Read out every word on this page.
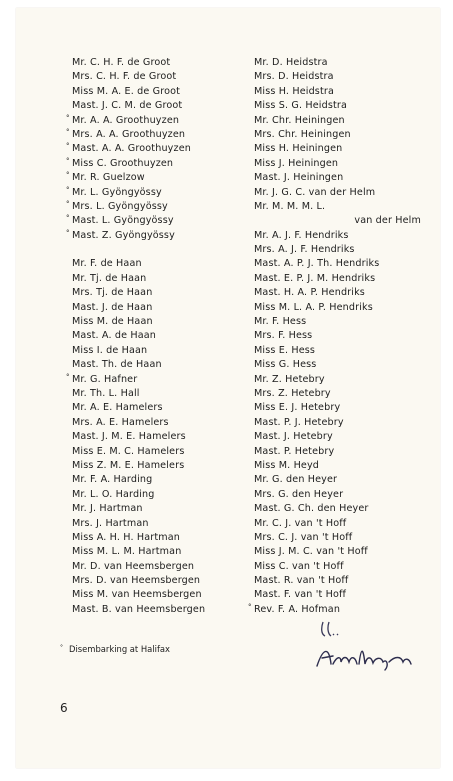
Mr. C. H. F. de Groot
Mrs. C. H. F. de Groot
Miss M. A. E. de Groot
Mast. J. C. M. de Groot
° Mr. A. A. Groothuyzen
° Mrs. A. A. Groothuyzen
° Mast. A. A. Groothuyzen
° Miss C. Groothuyzen
° Mr. R. Guelzow
° Mr. L. Gyöngyössy
° Mrs. L. Gyöngyössy
° Mast. L. Gyöngyössy
° Mast. Z. Gyöngyössy
Mr. F. de Haan
Mr. Tj. de Haan
Mrs. Tj. de Haan
Mast. J. de Haan
Miss M. de Haan
Mast. A. de Haan
Miss I. de Haan
Mast. Th. de Haan
° Mr. G. Hafner
Mr. Th. L. Hall
Mr. A. E. Hamelers
Mrs. A. E. Hamelers
Mast. J. M. E. Hamelers
Miss E. M. C. Hamelers
Miss Z. M. E. Hamelers
Mr. F. A. Harding
Mr. L. O. Harding
Mr. J. Hartman
Mrs. J. Hartman
Miss A. H. H. Hartman
Miss M. L. M. Hartman
Mr. D. van Heemsbergen
Mrs. D. van Heemsbergen
Miss M. van Heemsbergen
Mast. B. van Heemsbergen
Mr. D. Heidstra
Mrs. D. Heidstra
Miss H. Heidstra
Miss S. G. Heidstra
Mr. Chr. Heiningen
Mrs. Chr. Heiningen
Miss H. Heiningen
Miss J. Heiningen
Mast. J. Heiningen
Mr. J. G. C. van der Helm
Mr. M. M. M. L.
van der Helm
Mr. A. J. F. Hendriks
Mrs. A. J. F. Hendriks
Mast. A. P. J. Th. Hendriks
Mast. E. P. J. M. Hendriks
Mast. H. A. P. Hendriks
Miss M. L. A. P. Hendriks
Mr. F. Hess
Mrs. F. Hess
Miss E. Hess
Miss G. Hess
Mr. Z. Hetebry
Mrs. Z. Hetebry
Miss E. J. Hetebry
Mast. P. J. Hetebry
Mast. J. Hetebry
Mast. P. Hetebry
Miss M. Heyd
Mr. G. den Heyer
Mrs. G. den Heyer
Mast. G. Ch. den Heyer
Mr. C. J. van 't Hoff
Mrs. C. J. van 't Hoff
Miss J. M. C. van 't Hoff
Miss C. van 't Hoff
Mast. R. van 't Hoff
Mast. F. van 't Hoff
° Rev. F. A. Hofman
° Disembarking at Halifax
6
